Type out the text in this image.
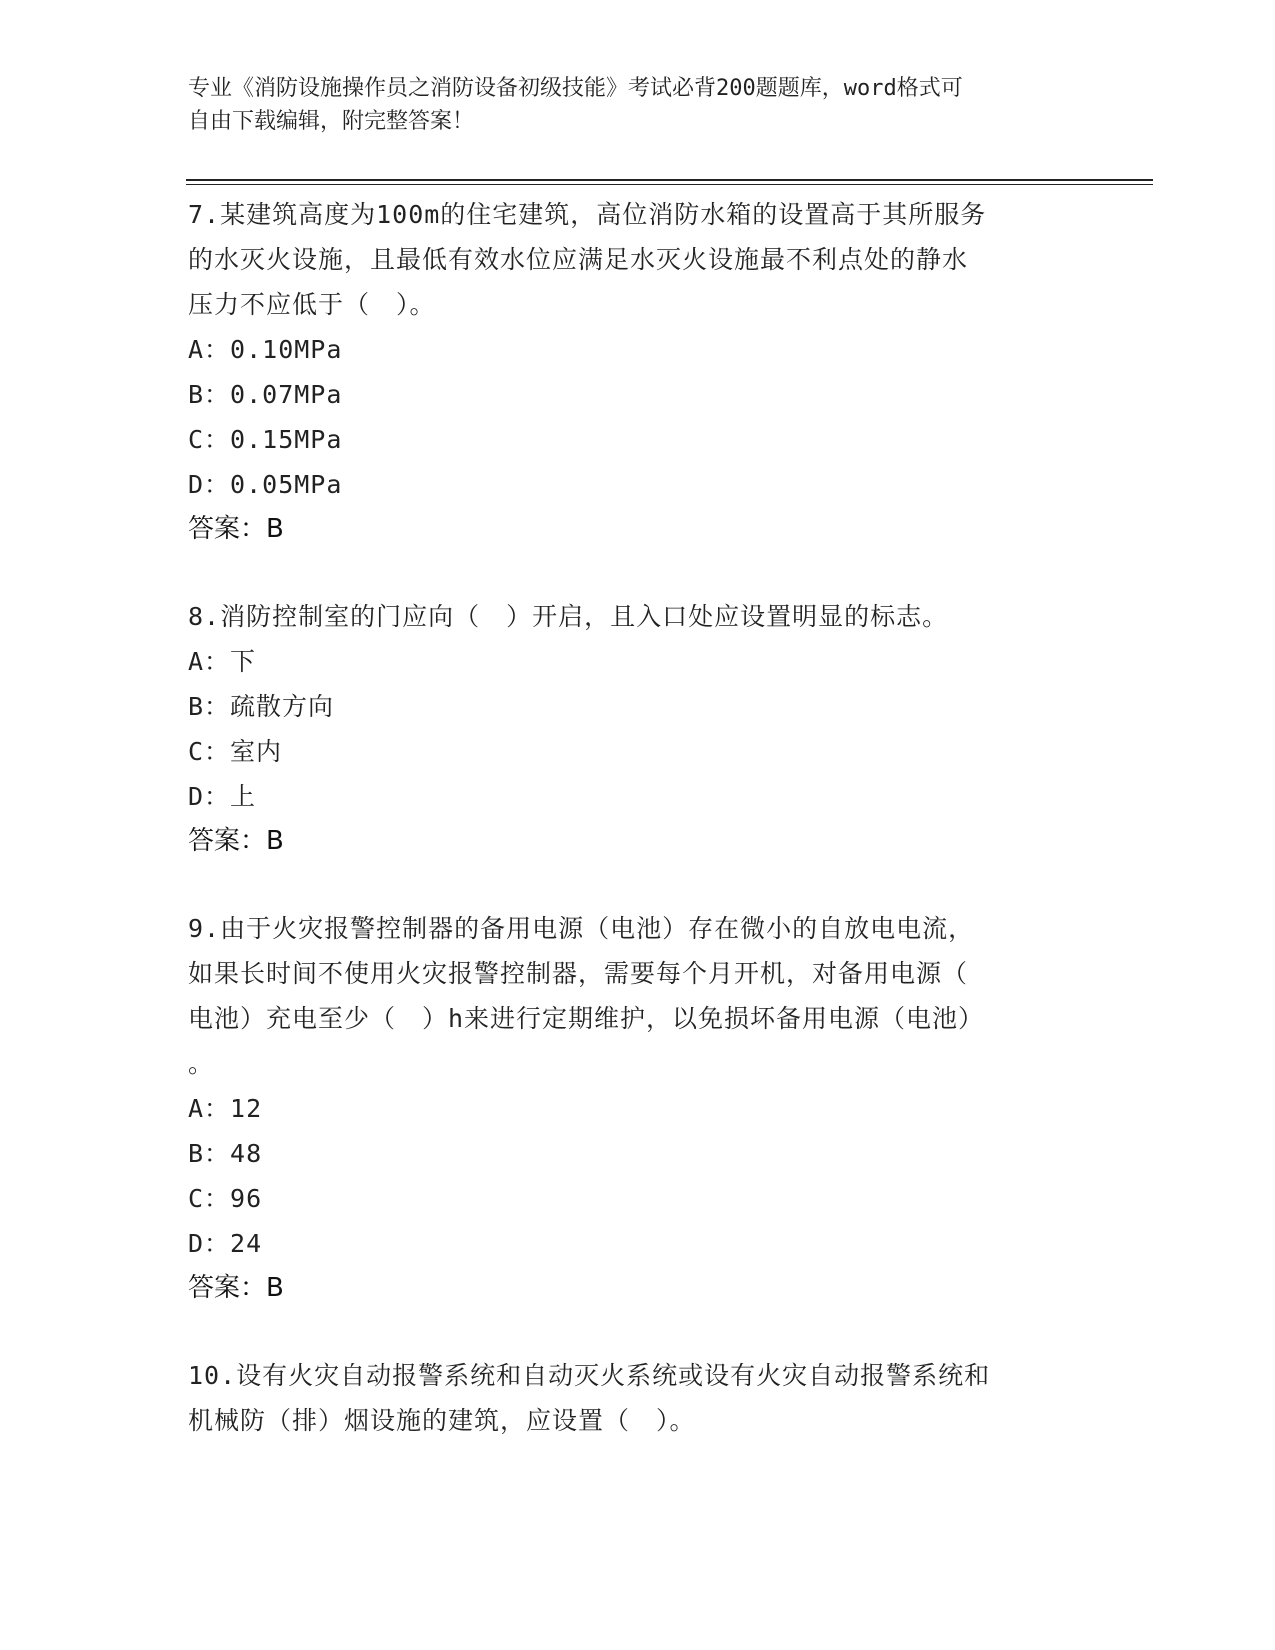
专业《消防设施操作员之消防设备初级技能》考试必背200题题库，word格式可
自由下载编辑，附完整答案！
7.某建筑高度为100m的住宅建筑，高位消防水箱的设置高于其所服务
的水灭火设施，且最低有效水位应满足水灭火设施最不利点处的静水
压力不应低于（　）。
A：0.10MPa
B：0.07MPa
C：0.15MPa
D：0.05MPa
答案：B
8.消防控制室的门应向（　）开启，且入口处应设置明显的标志。
A：下
B：疏散方向
C：室内
D：上
答案：B
9.由于火灾报警控制器的备用电源（电池）存在微小的自放电电流，
如果长时间不使用火灾报警控制器，需要每个月开机，对备用电源（
电池）充电至少（　）h来进行定期维护，以免损坏备用电源（电池）
。
A：12
B：48
C：96
D：24
答案：B
10.设有火灾自动报警系统和自动灭火系统或设有火灾自动报警系统和
机械防（排）烟设施的建筑，应设置（　）。
